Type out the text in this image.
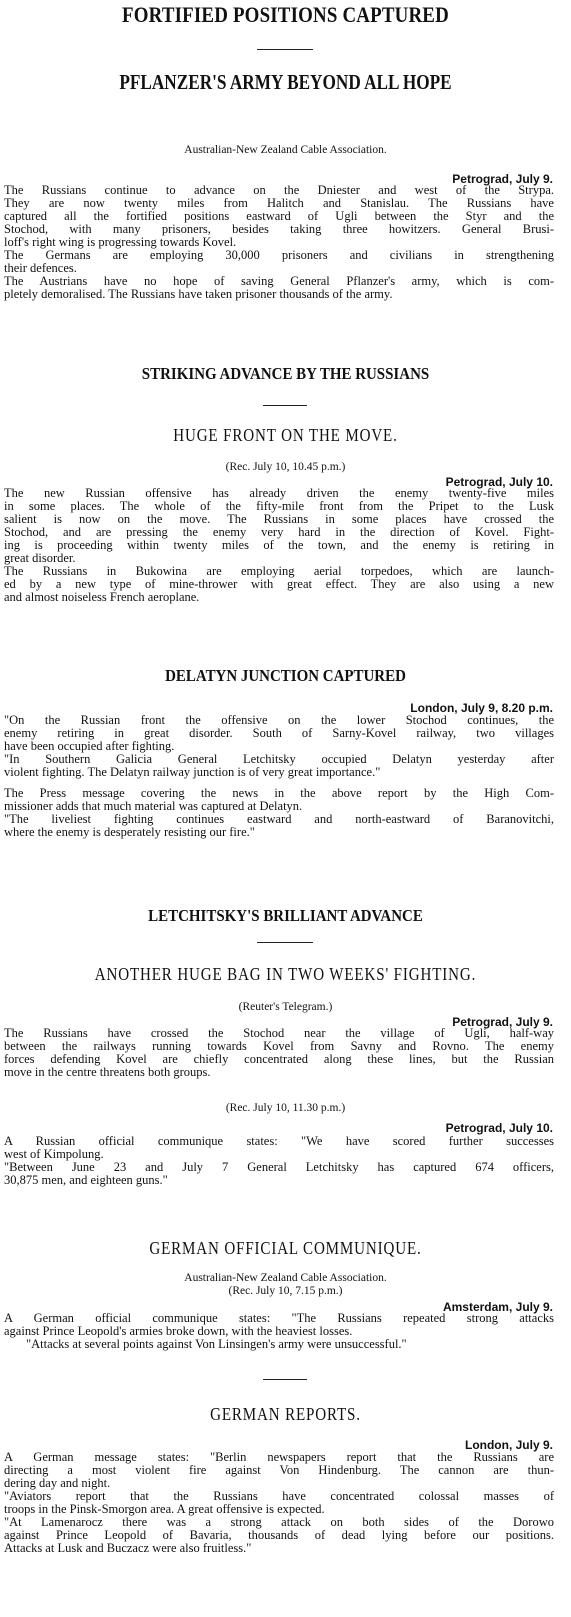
FORTIFIED POSITIONS CAPTURED
PFLANZER'S ARMY BEYOND ALL HOPE
Australian-New Zealand Cable Association.
Petrograd, July 9.
The Russians continue to advance on the Dniester and west of the Strypa.
They are now twenty miles from Halitch and Stanislau. The Russians have
captured all the fortified positions eastward of Ugli between the Styr and the
Stochod, with many prisoners, besides taking three howitzers. General Brusi-
loff's right wing is progressing towards Kovel.
The Germans are employing 30,000 prisoners and civilians in strengthening
their defences.
The Austrians have no hope of saving General Pflanzer's army, which is com-
pletely demoralised. The Russians have taken prisoner thousands of the army.
STRIKING ADVANCE BY THE RUSSIANS
HUGE FRONT ON THE MOVE.
(Rec. July 10, 10.45 p.m.)
Petrograd, July 10.
The new Russian offensive has already driven the enemy twenty-five miles
in some places. The whole of the fifty-mile front from the Pripet to the Lusk
salient is now on the move. The Russians in some places have crossed the
Stochod, and are pressing the enemy very hard in the direction of Kovel. Fight-
ing is proceeding within twenty miles of the town, and the enemy is retiring in
great disorder.
The Russians in Bukowina are employing aerial torpedoes, which are launch-
ed by a new type of mine-thrower with great effect. They are also using a new
and almost noiseless French aeroplane.
DELATYN JUNCTION CAPTURED
London, July 9, 8.20 p.m.
"On the Russian front the offensive on the lower Stochod continues, the
enemy retiring in great disorder. South of Sarny-Kovel railway, two villages
have been occupied after fighting.
"In Southern Galicia General Letchitsky occupied Delatyn yesterday after
violent fighting. The Delatyn railway junction is of very great importance."
The Press message covering the news in the above report by the High Com-
missioner adds that much material was captured at Delatyn.
"The liveliest fighting continues eastward and north-eastward of Baranovitchi,
where the enemy is desperately resisting our fire."
LETCHITSKY'S BRILLIANT ADVANCE
ANOTHER HUGE BAG IN TWO WEEKS' FIGHTING.
(Reuter's Telegram.)
Petrograd, July 9.
The Russians have crossed the Stochod near the village of Ugli, half-way
between the railways running towards Kovel from Savny and Rovno. The enemy
forces defending Kovel are chiefly concentrated along these lines, but the Russian
move in the centre threatens both groups.
(Rec. July 10, 11.30 p.m.)
Petrograd, July 10.
A Russian official communique states: "We have scored further successes
west of Kimpolung.
"Between June 23 and July 7 General Letchitsky has captured 674 officers,
30,875 men, and eighteen guns."
GERMAN OFFICIAL COMMUNIQUE.
Australian-New Zealand Cable Association.
(Rec. July 10, 7.15 p.m.)
Amsterdam, July 9.
A German official communique states: "The Russians repeated strong attacks
against Prince Leopold's armies broke down, with the heaviest losses.
"Attacks at several points against Von Linsingen's army were unsuccessful."
GERMAN REPORTS.
London, July 9.
A German message states: "Berlin newspapers report that the Russians are
directing a most violent fire against Von Hindenburg. The cannon are thun-
dering day and night.
"Aviators report that the Russians have concentrated colossal masses of
troops in the Pinsk-Smorgon area. A great offensive is expected.
"At Lamenarocz there was a strong attack on both sides of the Dorowo
against Prince Leopold of Bavaria, thousands of dead lying before our positions.
Attacks at Lusk and Buczacz were also fruitless."
